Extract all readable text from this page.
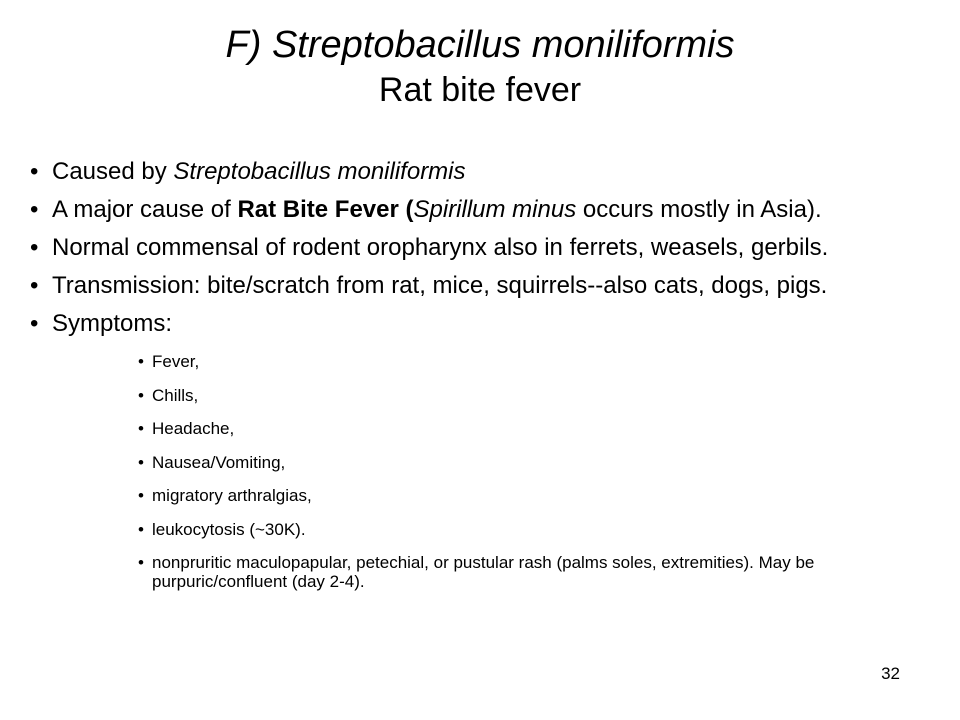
F) Streptobacillus moniliformis
Rat bite fever
• Caused by Streptobacillus moniliformis
• A major cause of Rat Bite Fever (Spirillum minus occurs mostly in Asia).
• Normal commensal of rodent oropharynx also in ferrets, weasels, gerbils.
• Transmission: bite/scratch from rat, mice, squirrels--also cats, dogs, pigs.
• Symptoms:
• Fever,
• Chills,
• Headache,
• Nausea/Vomiting,
• migratory arthralgias,
• leukocytosis (~30K).
• nonpruritic maculopapular, petechial, or pustular rash (palms soles, extremities). May be purpuric/confluent (day 2-4).
32
